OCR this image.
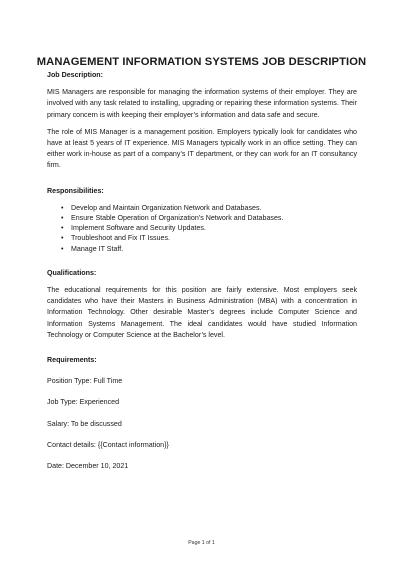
MANAGEMENT INFORMATION SYSTEMS JOB DESCRIPTION

Job Description:

MIS Managers are responsible for managing the information systems of their employer. They are involved with any task related to installing, upgrading or repairing these information systems. Their primary concern is with keeping their employer’s information and data safe and secure.

The role of MIS Manager is a management position. Employers typically look for candidates who have at least 5 years of IT experience. MIS Managers typically work in an office setting. They can either work in-house as part of a company’s IT department, or they can work for an IT consultancy firm.

Responsibilities:

• Develop and Maintain Organization Network and Databases.
• Ensure Stable Operation of Organization’s Network and Databases.
• Implement Software and Security Updates.
• Troubleshoot and Fix IT Issues.
• Manage IT Staff.

Qualifications:

The educational requirements for this position are fairly extensive. Most employers seek candidates who have their Masters in Business Administration (MBA) with a concentration in Information Technology. Other desirable Master’s degrees include Computer Science and Information Systems Management. The ideal candidates would have studied Information Technology or Computer Science at the Bachelor’s level.

Requirements:

Position Type: Full Time

Job Type: Experienced

Salary: To be discussed

Contact details: {{Contact information}}

Date: December 10, 2021

Page 1 of 1
